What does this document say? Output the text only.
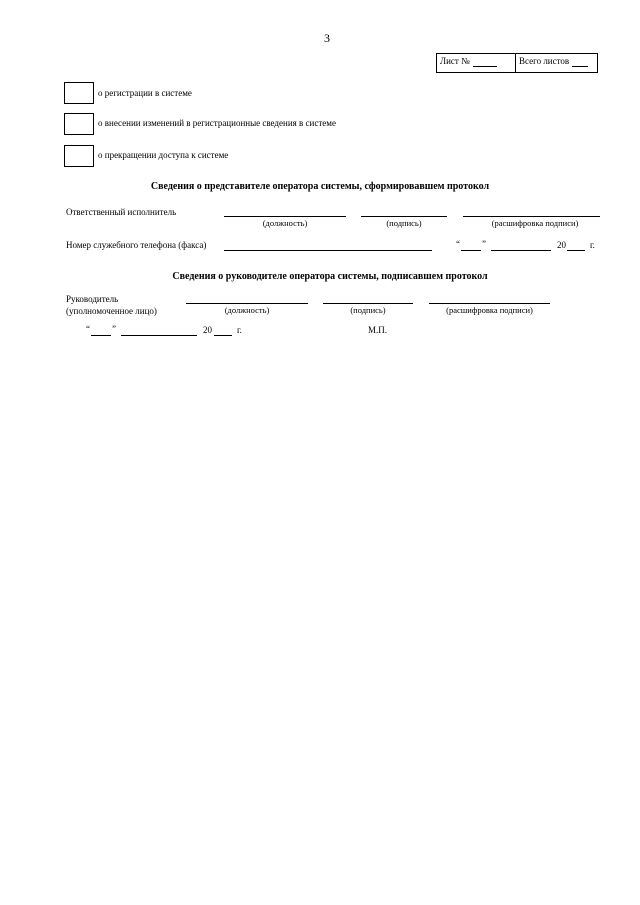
3
Лист №	Всего листов
о регистрации в системе
о внесении изменений в регистрационные сведения в системе
о прекращении доступа к системе
Сведения о представителе оператора системы, сформировавшем протокол
Ответственный исполнитель
(должность)	(подпись)	(расшифровка подписи)
Номер служебного телефона (факса)	“ ”	20	г.
Сведения о руководителе оператора системы, подписавшем протокол
Руководитель
(уполномоченное лицо)	(должность)	(подпись)	(расшифровка подписи)
“ ”	20	г.	М.П.
